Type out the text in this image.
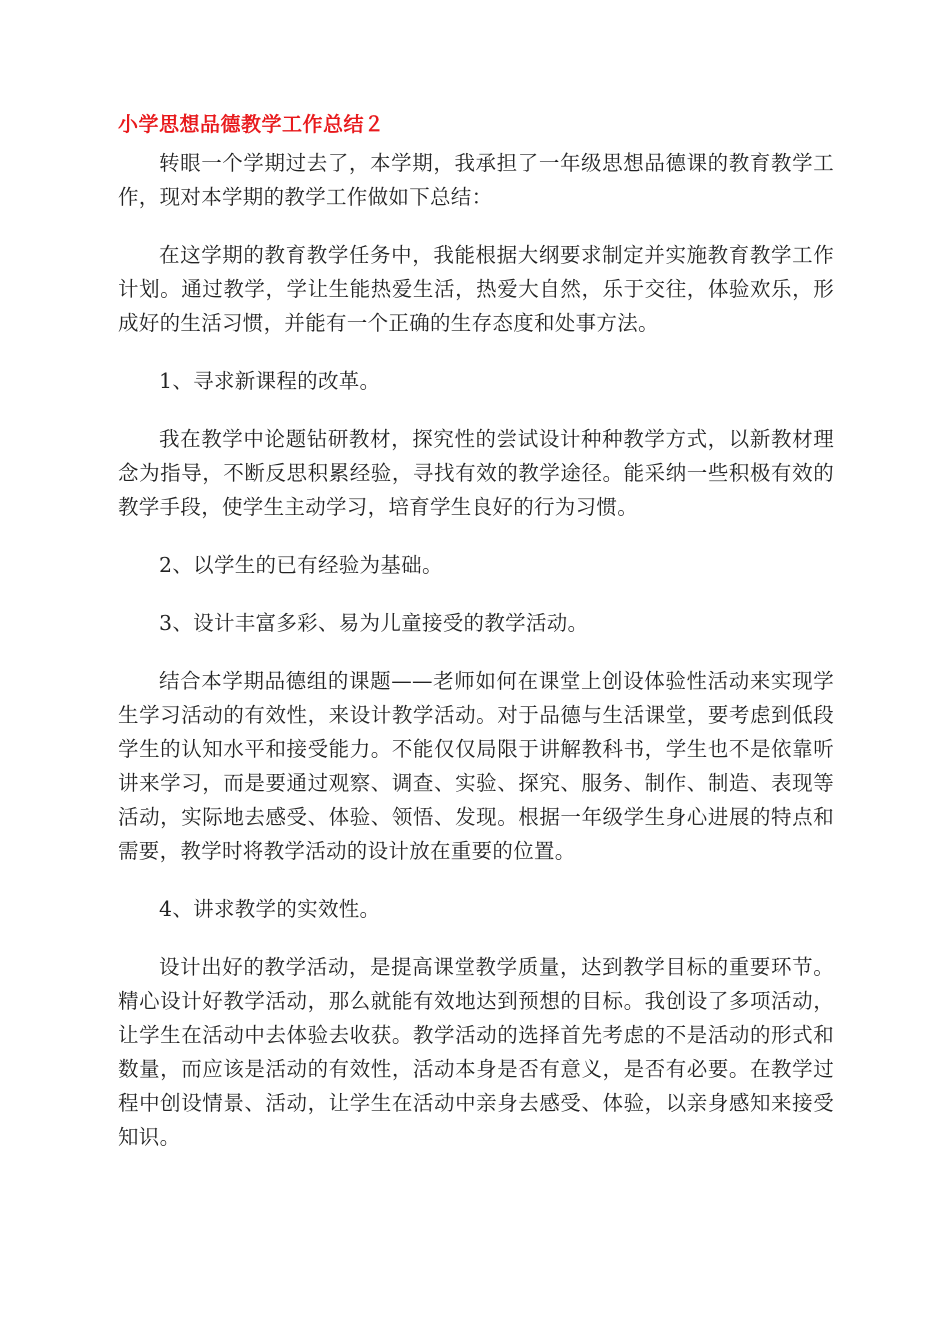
小学思想品德教学工作总结２

转眼一个学期过去了，本学期，我承担了一年级思想品德课的教育教学工作，现对本学期的教学工作做如下总结：

在这学期的教育教学任务中，我能根据大纲要求制定并实施教育教学工作计划。通过教学，学让生能热爱生活，热爱大自然，乐于交往，体验欢乐，形成好的生活习惯，并能有一个正确的生存态度和处事方法。

1、寻求新课程的改革。

我在教学中论题钻研教材，探究性的尝试设计种种教学方式，以新教材理念为指导，不断反思积累经验，寻找有效的教学途径。能采纳一些积极有效的教学手段，使学生主动学习，培育学生良好的行为习惯。

2、以学生的已有经验为基础。

3、设计丰富多彩、易为儿童接受的教学活动。

结合本学期品德组的课题——老师如何在课堂上创设体验性活动来实现学生学习活动的有效性，来设计教学活动。对于品德与生活课堂，要考虑到低段学生的认知水平和接受能力。不能仅仅局限于讲解教科书，学生也不是依靠听讲来学习，而是要通过观察、调查、实验、探究、服务、制作、制造、表现等活动，实际地去感受、体验、领悟、发现。根据一年级学生身心进展的特点和需要，教学时将教学活动的设计放在重要的位置。

4、讲求教学的实效性。

设计出好的教学活动，是提高课堂教学质量，达到教学目标的重要环节。精心设计好教学活动，那么就能有效地达到预想的目标。我创设了多项活动，让学生在活动中去体验去收获。教学活动的选择首先考虑的不是活动的形式和数量，而应该是活动的有效性，活动本身是否有意义，是否有必要。在教学过程中创设情景、活动，让学生在活动中亲身去感受、体验，以亲身感知来接受知识。
